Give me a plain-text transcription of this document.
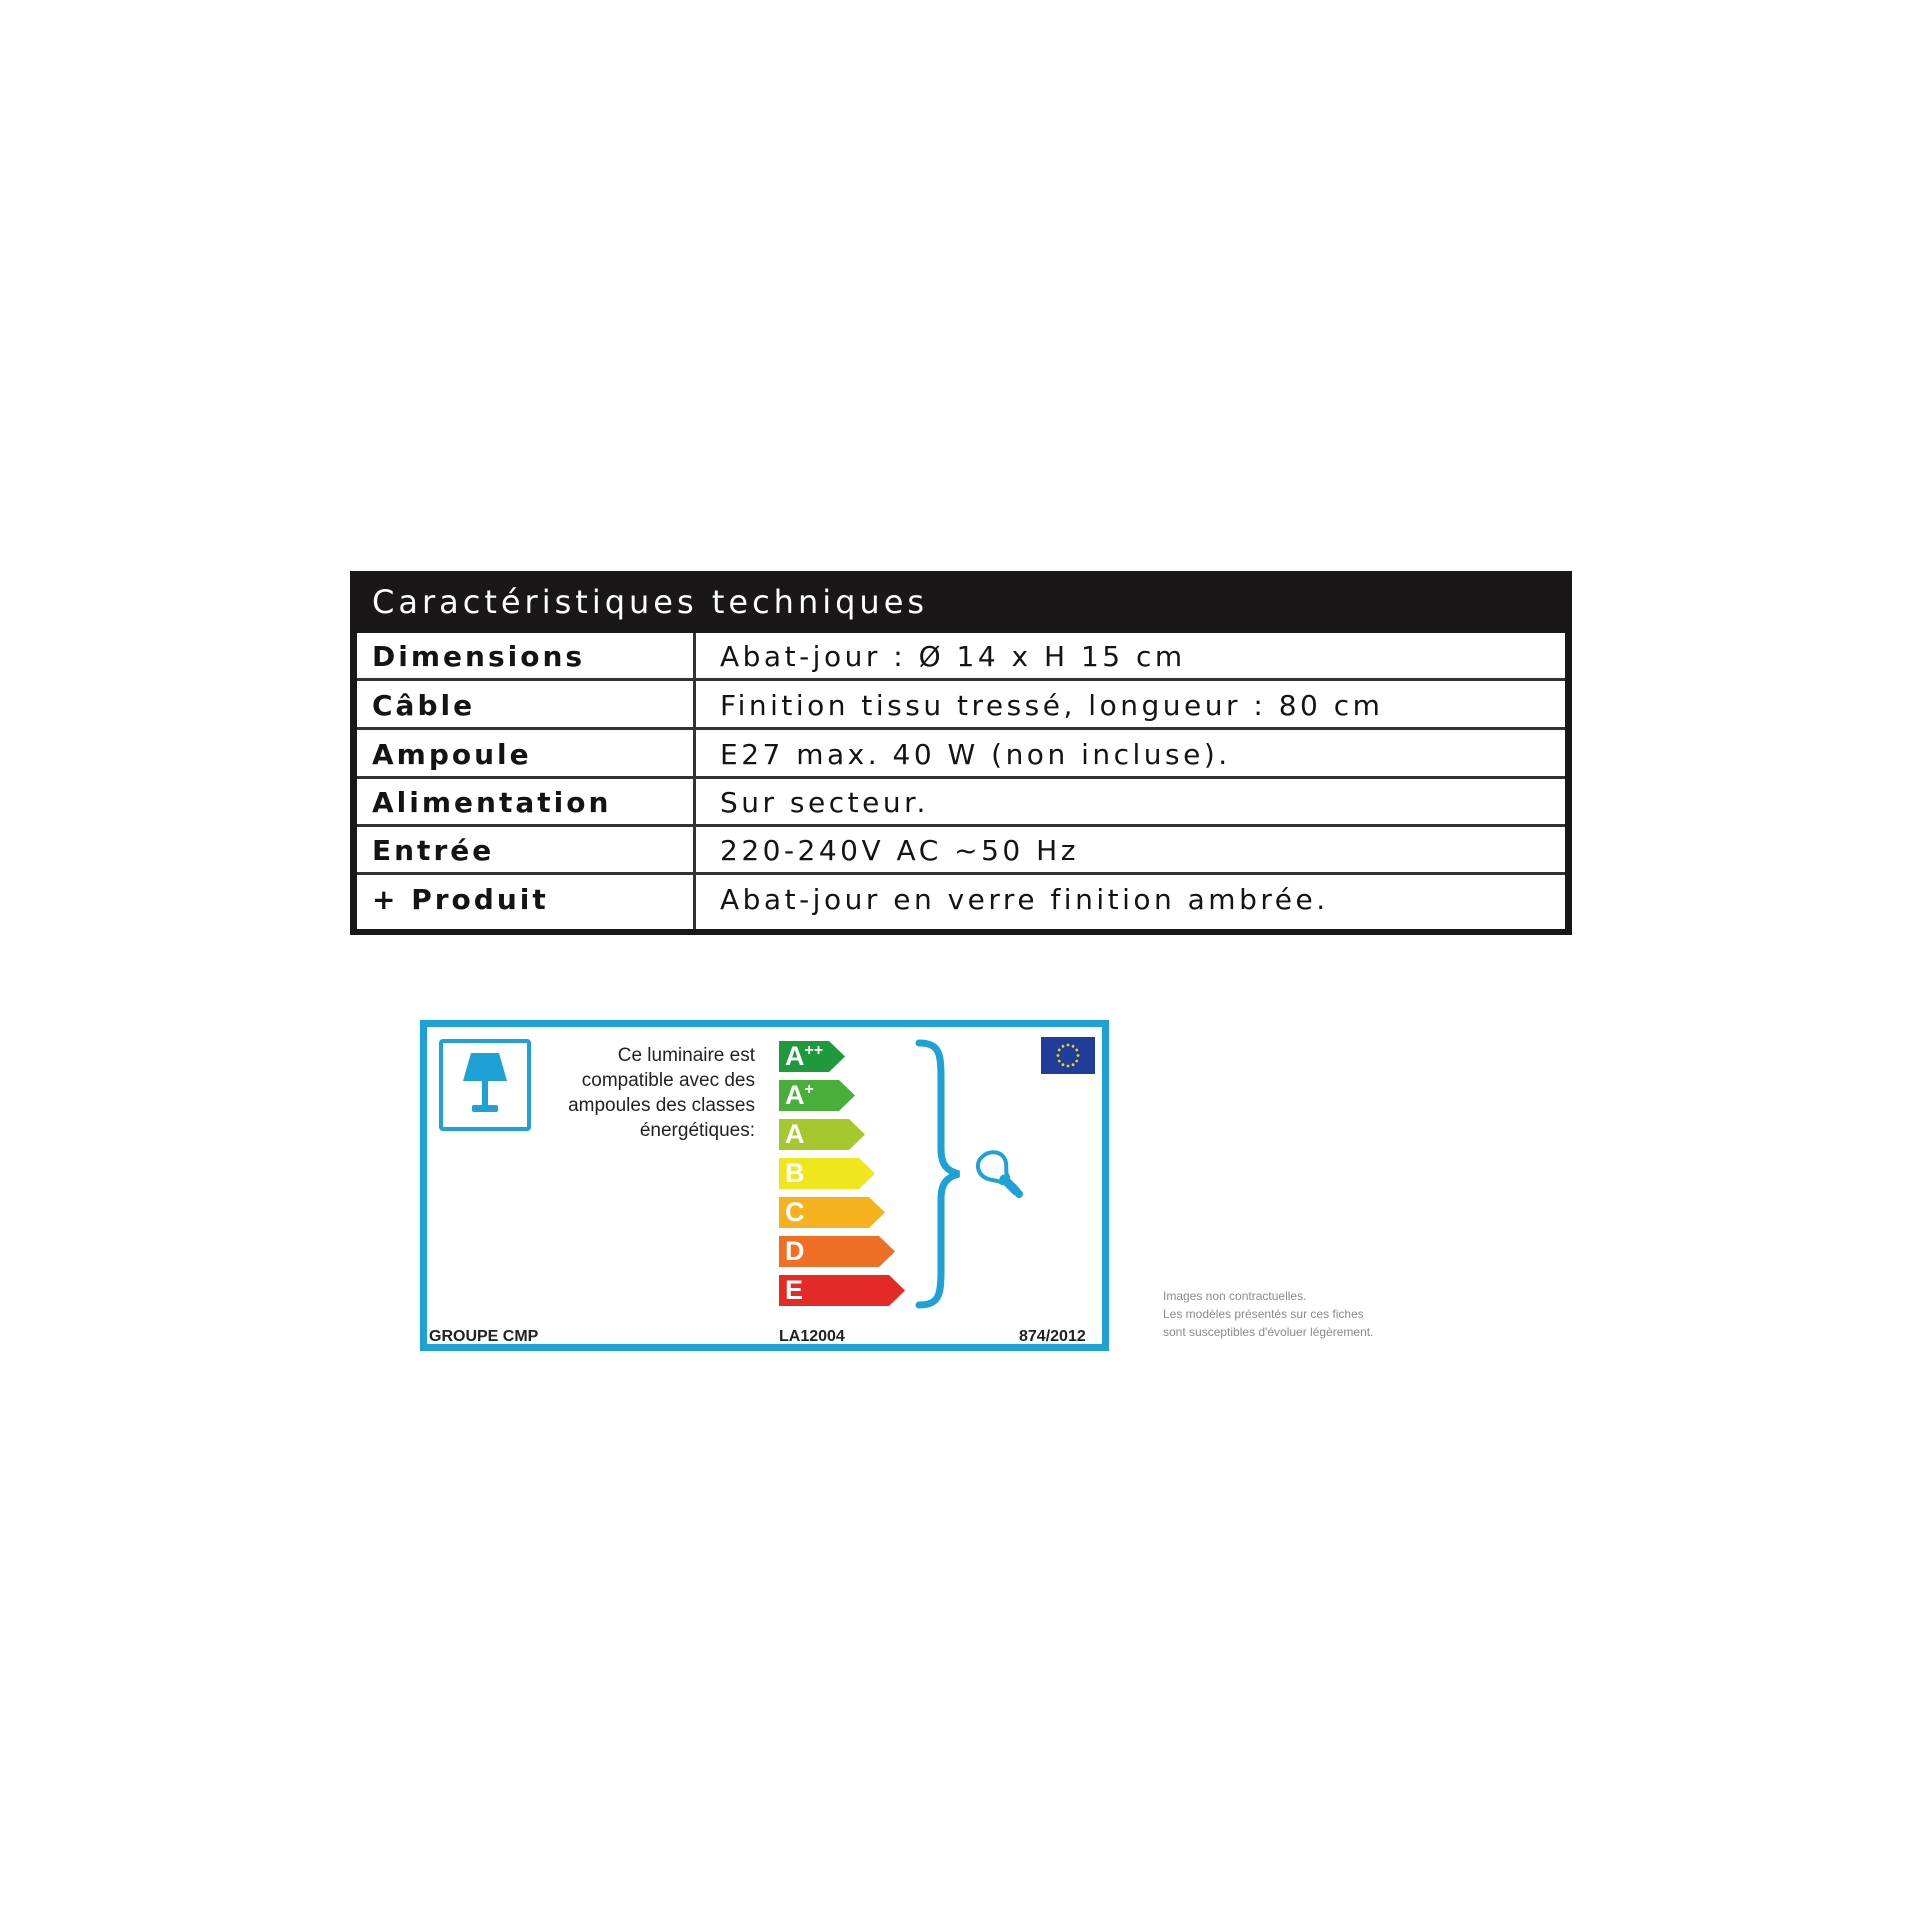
Caractéristiques techniques
Dimensions	Abat-jour : Ø 14 x H 15 cm
Câble	Finition tissu tressé, longueur : 80 cm
Ampoule	E27 max. 40 W (non incluse).
Alimentation	Sur secteur.
Entrée	220-240V AC ~50 Hz
+ Produit	Abat-jour en verre finition ambrée.
Ce luminaire est
compatible avec des
ampoules des classes
énergétiques:
A++
A+
A
B
C
D
E
GROUPE CMP	LA12004	874/2012
Images non contractuelles.
Les modèles présentés sur ces fiches
sont susceptibles d'évoluer légèrement.
